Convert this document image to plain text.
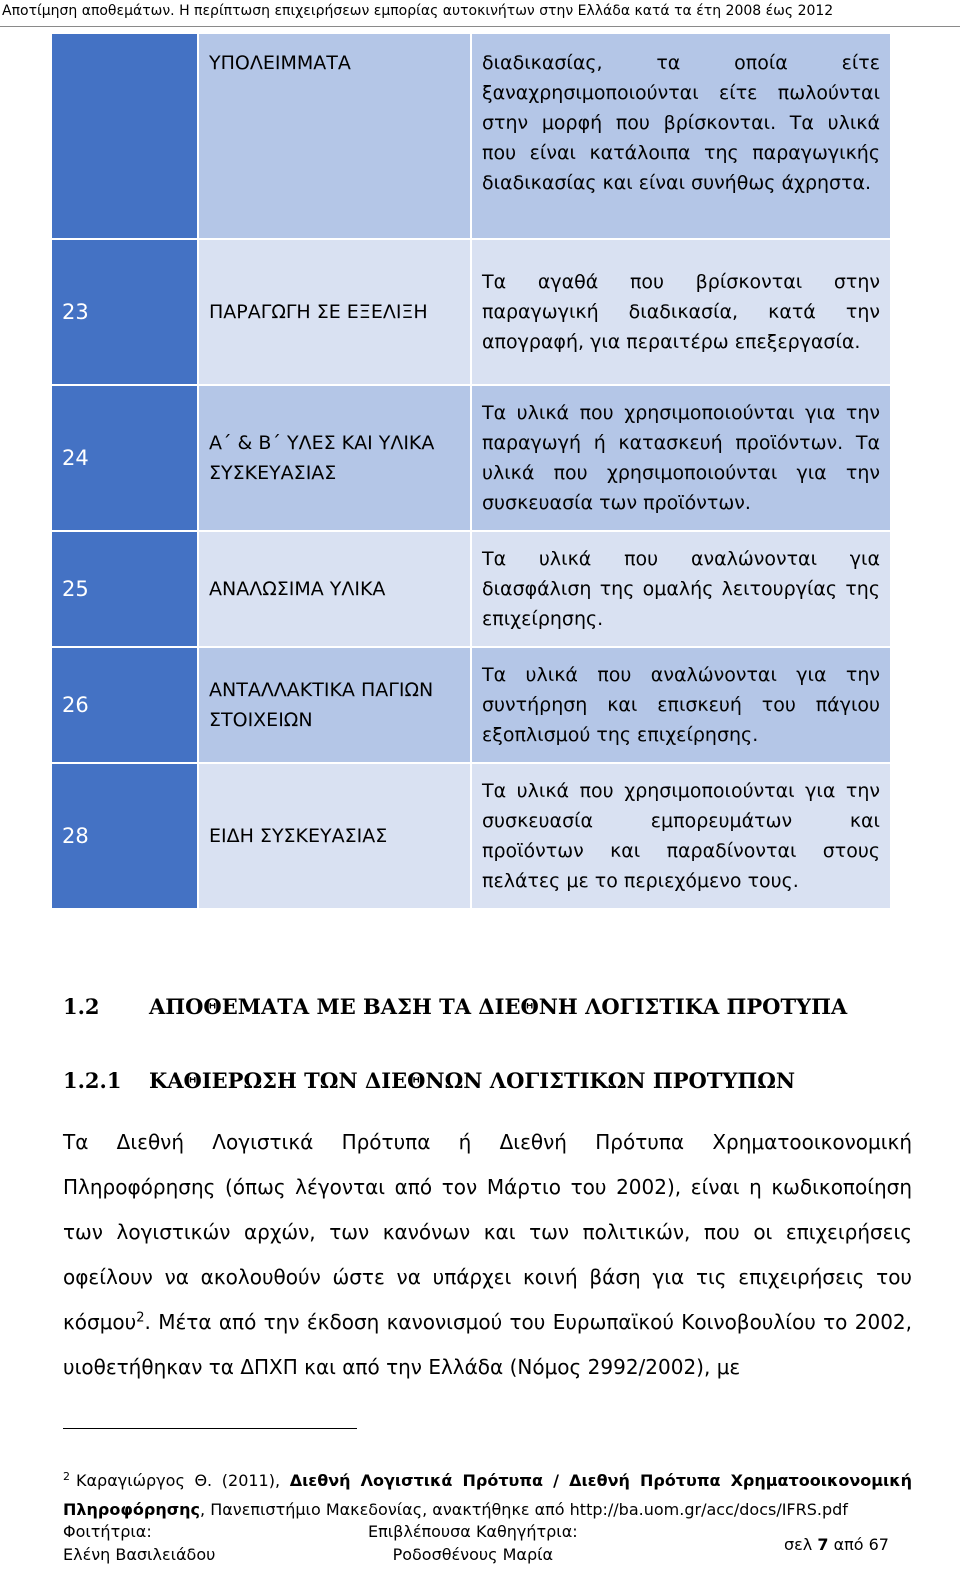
Αποτίμηση αποθεμάτων. Η περίπτωση επιχειρήσεων εμπορίας αυτοκινήτων στην Ελλάδα κατά τα έτη 2008 έως 2012
	ΥΠΟΛΕΙΜΜΑΤΑ	διαδικασίας, τα οποία είτε ξαναχρησιμοποιούνται είτε πωλούνται στην μορφή που βρίσκονται. Τα υλικά που είναι κατάλοιπα της παραγωγικής διαδικασίας και είναι συνήθως άχρηστα.
23	ΠΑΡΑΓΩΓΗ ΣΕ ΕΞΕΛΙΞΗ	Τα αγαθά που βρίσκονται στην παραγωγική διαδικασία, κατά την απογραφή, για περαιτέρω επεξεργασία.
24	Α΄ & Β΄ ΥΛΕΣ ΚΑΙ ΥΛΙΚΑ ΣΥΣΚΕΥΑΣΙΑΣ	Τα υλικά που χρησιμοποιούνται για την παραγωγή ή κατασκευή προϊόντων. Τα υλικά που χρησιμοποιούνται για την συσκευασία των προϊόντων.
25	ΑΝΑΛΩΣΙΜΑ ΥΛΙΚΑ	Τα υλικά που αναλώνονται για διασφάλιση της ομαλής λειτουργίας της επιχείρησης.
26	ΑΝΤΑΛΛΑΚΤΙΚΑ ΠΑΓΙΩΝ ΣΤΟΙΧΕΙΩΝ	Τα υλικά που αναλώνονται για την συντήρηση και επισκευή του πάγιου εξοπλισμού της επιχείρησης.
28	ΕΙΔΗ ΣΥΣΚΕΥΑΣΙΑΣ	Τα υλικά που χρησιμοποιούνται για την συσκευασία εμπορευμάτων και προϊόντων και παραδίνονται στους πελάτες με το περιεχόμενο τους.
1.2 ΑΠΟΘΕΜΑΤΑ ΜΕ ΒΑΣΗ ΤΑ ΔΙΕΘΝΗ ΛΟΓΙΣΤΙΚΑ ΠΡΟΤΥΠΑ
1.2.1 ΚΑΘΙΕΡΩΣΗ ΤΩΝ ΔΙΕΘΝΩΝ ΛΟΓΙΣΤΙΚΩΝ ΠΡΟΤΥΠΩΝ
Τα Διεθνή Λογιστικά Πρότυπα ή Διεθνή Πρότυπα Χρηματοοικονομική Πληροφόρησης (όπως λέγονται από τον Μάρτιο του 2002), είναι η κωδικοποίηση των λογιστικών αρχών, των κανόνων και των πολιτικών, που οι επιχειρήσεις οφείλουν να ακολουθούν ώστε να υπάρχει κοινή βάση για τις επιχειρήσεις του κόσμου$^2$. Μέτα από την έκδοση κανονισμού του Ευρωπαϊκού Κοινοβουλίου το 2002, υιοθετήθηκαν τα ΔΠΧΠ και από την Ελλάδα (Νόμος 2992/2002), με
$^2$ Καραγιώργος Θ. (2011), Διεθνή Λογιστικά Πρότυπα / Διεθνή Πρότυπα Χρηματοοικονομική Πληροφόρησης, Πανεπιστήμιο Μακεδονίας, ανακτήθηκε από http://ba.uom.gr/acc/docs/IFRS.pdf
Φοιτήτρια:
Ελένη Βασιλειάδου
Επιβλέπουσα Καθηγήτρια:
Ροδοσθένους Μαρία
σελ 7 από 67
